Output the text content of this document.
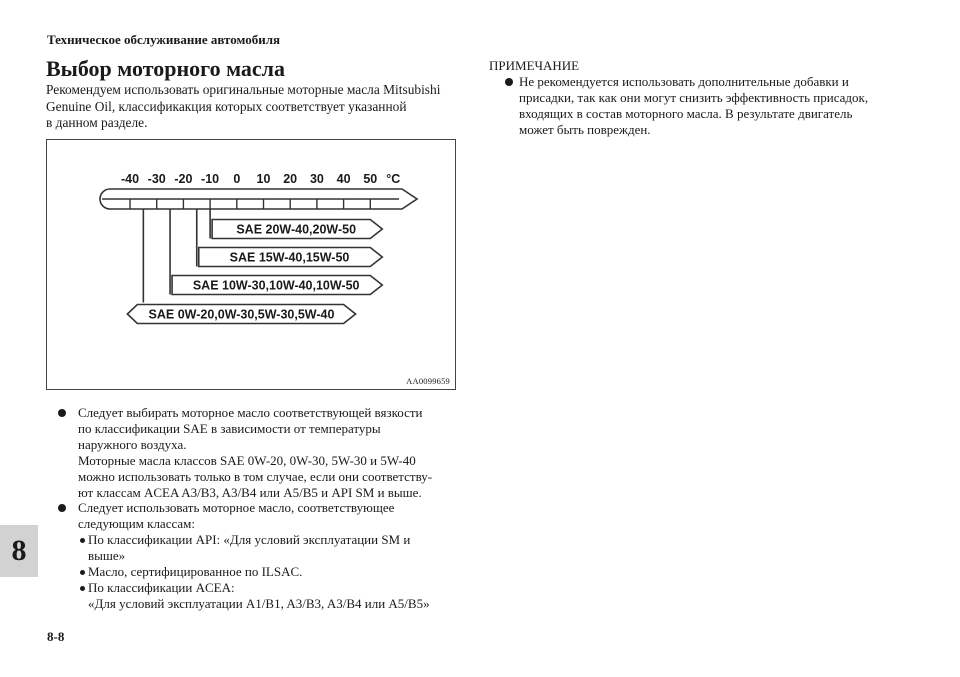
Техническое обслуживание автомобиля
8
8-8
Выбор моторного масла

Рекомендуем использовать оригинальные моторные масла Mitsubishi
Genuine Oil, классификакция которых соответствует указанной
в данном разделе.

-40 -30 -20 -10 0 10 20 30 40 50 °C
SAE 20W-40,20W-50
SAE 15W-40,15W-50
SAE 10W-30,10W-40,10W-50
SAE 0W-20,0W-30,5W-30,5W-40
AA0099659
Следует выбирать моторное масло соответствующей вязкости
по классификации SAE в зависимости от температуры
наружного воздуха.
Моторные масла классов SAE 0W-20, 0W-30, 5W-30 и 5W-40
можно использовать только в том случае, если они соответству-
ют классам ACEA A3/B3, A3/B4 или A5/B5 и API SM и выше.
Следует использовать моторное масло, соответствующее
следующим классам:
По классификации API: «Для условий эксплуатации SM и
выше»
Масло, сертифицированное по ILSAC.
По классификации ACEA:
«Для условий эксплуатации A1/B1, A3/B3, A3/B4 или A5/B5»
ПРИМЕЧАНИЕ
Не рекомендуется использовать дополнительные добавки и
присадки, так как они могут снизить эффективность присадок,
входящих в состав моторного масла. В результате двигатель
может быть поврежден.
